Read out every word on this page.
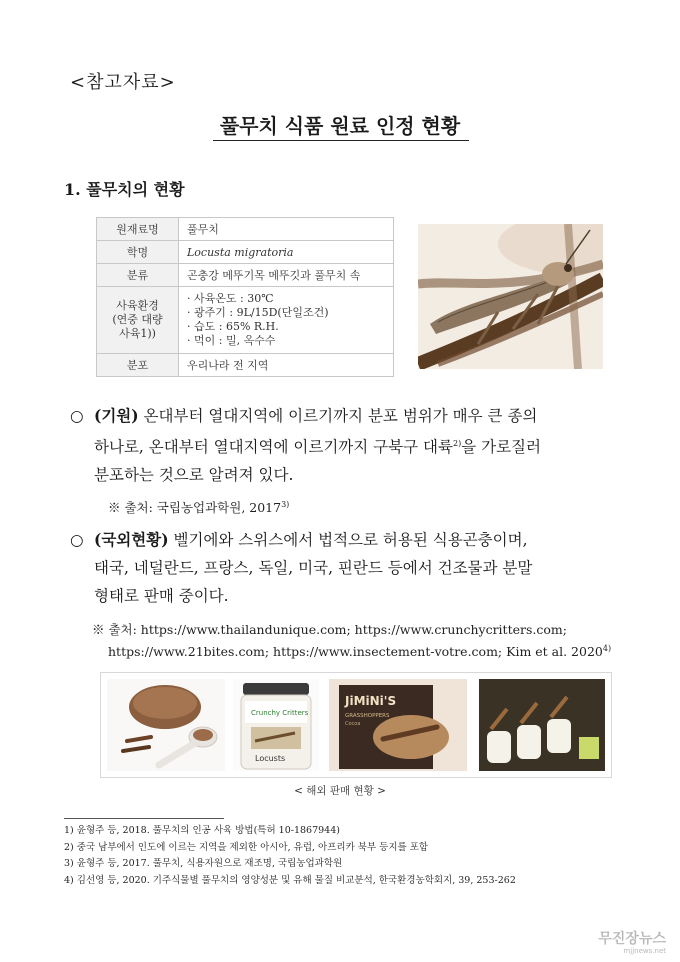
<참고자료>
풀무치 식품 원료 인정 현황
1. 풀무치의 현황
원재료명	풀무치
학명	Locusta migratoria
분류	곤충강 메뚜기목 메뚜깃과 풀무치 속

사육환경
(연중 대량
사육1))	· 사육온도 : 30℃
· 광주기 : 9L/15D(단일조건)
· 습도 : 65% R.H.
· 먹이 : 밀, 옥수수

분포	우리나라 전 지역
○ (기원) 온대부터 열대지역에 이르기까지 분포 범위가 매우 큰 종의
하나로, 온대부터 열대지역에 이르기까지 구북구 대륙$^{2)}$을 가로질러
분포하는 것으로 알려져 있다.
※ 출처: 국립농업과학원, 2017$^{3)}$
○ (국외현황) 벨기에와 스위스에서 법적으로 허용된 식용곤충이며,
태국, 네덜란드, 프랑스, 독일, 미국, 핀란드 등에서 건조물과 분말
형태로 판매 중이다.
※ 출처: https://www.thailandunique.com; https://www.crunchycritters.com;
https://www.21bites.com; https://www.insectement-votre.com; Kim et al. 2020$^{4)}$
Crunchy Critters
Locusts
JiMiNi'S
GRASSHOPPERS
Cocoa
< 해외 판매 현황 >
1) 윤형주 등, 2018. 풀무치의 인공 사육 방법(특허 10-1867944)
2) 중국 남부에서 인도에 이르는 지역을 제외한 아시아, 유럽, 아프리카 북부 등지를 포함
3) 윤형주 등, 2017. 풀무치, 식용자원으로 재조명, 국립농업과학원
4) 김선영 등, 2020. 기주식물별 풀무치의 영양성분 및 유해 물질 비교분석, 한국환경농학회지, 39, 253-262
무진장뉴스
mjjnews.net
